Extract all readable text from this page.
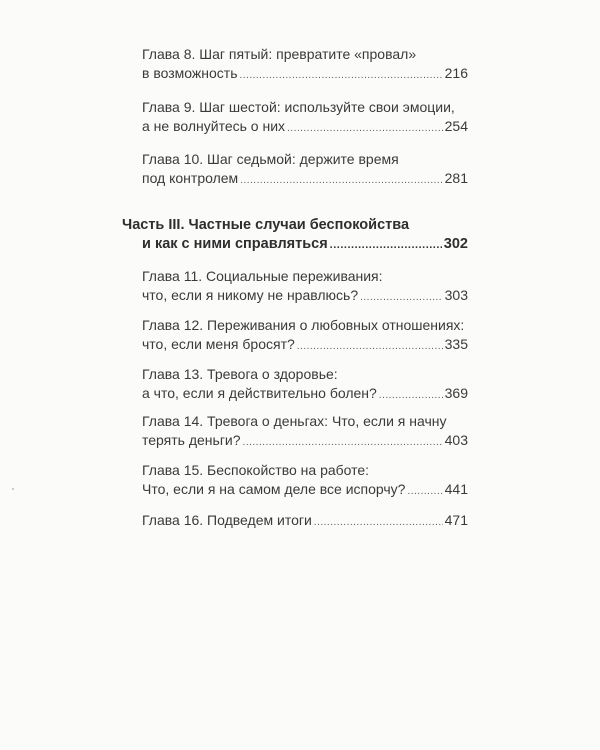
Глава 8. Шаг пятый: превратите «провал»
в возможность .....	216
Глава 9. Шаг шестой: используйте свои эмоции,
а не волнуйтесь о них .....	254
Глава 10. Шаг седьмой: держите время
под контролем .....	281
Часть III. Частные случаи беспокойства
и как с ними справляться .....	302
Глава 11. Социальные переживания:
что, если я никому не нравлюсь? .....	303
Глава 12. Переживания о любовных отношениях:
что, если меня бросят? .....	335
Глава 13. Тревога о здоровье:
а что, если я действительно болен? .....	369
Глава 14. Тревога о деньгах: Что, если я начну
терять деньги? .....	403
Глава 15. Беспокойство на работе:
Что, если я на самом деле все испорчу? .....	441
Глава 16. Подведем итоги .....	471
